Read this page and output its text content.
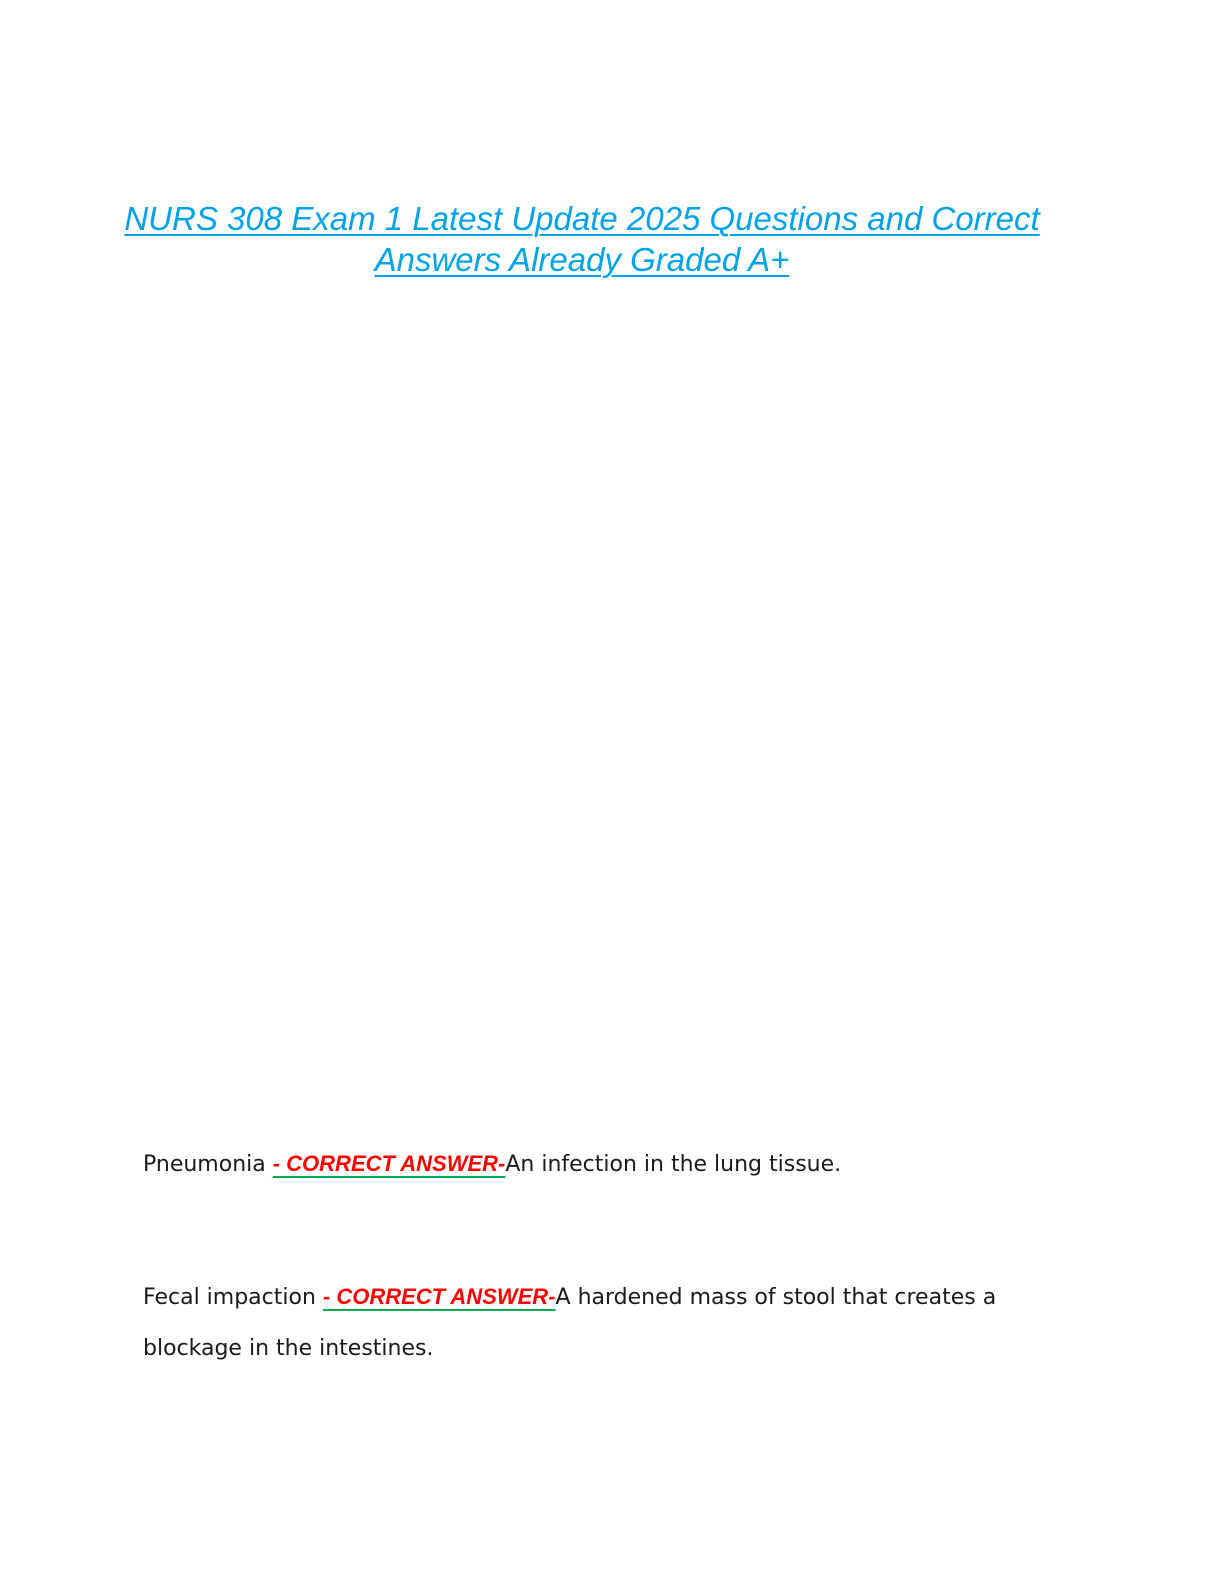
NURS 308 Exam 1 Latest Update 2025 Questions and Correct Answers Already Graded A+

Pneumonia - CORRECT ANSWER-An infection in the lung tissue.

Fecal impaction - CORRECT ANSWER-A hardened mass of stool that creates a blockage in the intestines.
